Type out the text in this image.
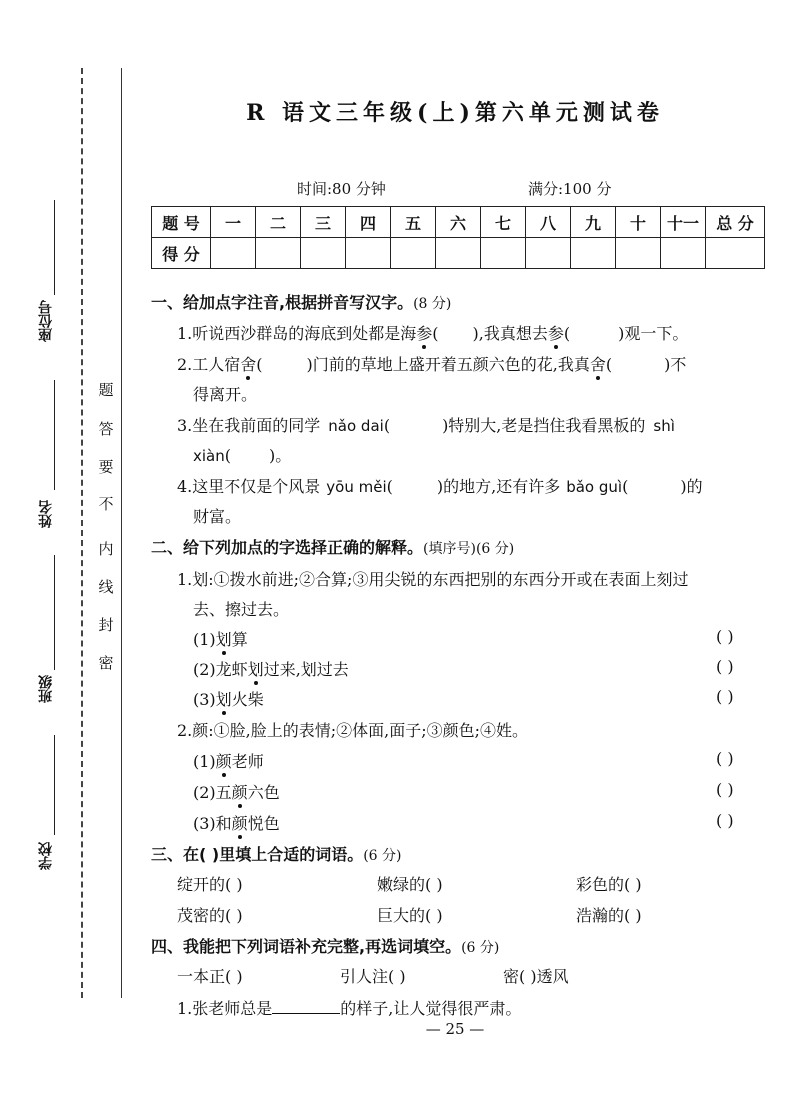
座位号
姓名
班级
学校
密
封
线
内
不
要
答
题
R 语文三年级(上)第六单元测试卷
时间:80 分钟	满分:100 分
题 号	一	二	三	四	五	六	七	八	九	十	十一	总 分
得 分												
一、给加点字注音,根据拼音写汉字。(8 分)
1.听说西沙群岛的海底到处都是海参( ),我真想去参(	)观一下。
2.工人宿舍(	)门前的草地上盛开着五颜六色的花,我真舍(	)不
得离开。
3.坐在我前面的同学 nǎo dai(	)特别大,老是挡住我看黑板的 shì
xiàn( )。
4.这里不仅是个风景 yōu měi(	)的地方,还有许多 bǎo guì(	)的
财富。
二、给下列加点的字选择正确的解释。(填序号)(6 分)
1.划:①拨水前进;②合算;③用尖锐的东西把别的东西分开或在表面上刻过
去、擦过去。
(1)划算	( )
(2)龙虾划过来,划过去	( )
(3)划火柴	( )
2.颜:①脸,脸上的表情;②体面,面子;③颜色;④姓。
(1)颜老师	( )
(2)五颜六色	( )
(3)和颜悦色	( )
三、在( )里填上合适的词语。(6 分)
绽开的( )	嫩绿的( )	彩色的( )
茂密的( )	巨大的( )	浩瀚的( )
四、我能把下列词语补充完整,再选词填空。(6 分)
一本正( )	引人注( )	密( )透风
1.张老师总是	的样子,让人觉得很严肃。
— 25 —
